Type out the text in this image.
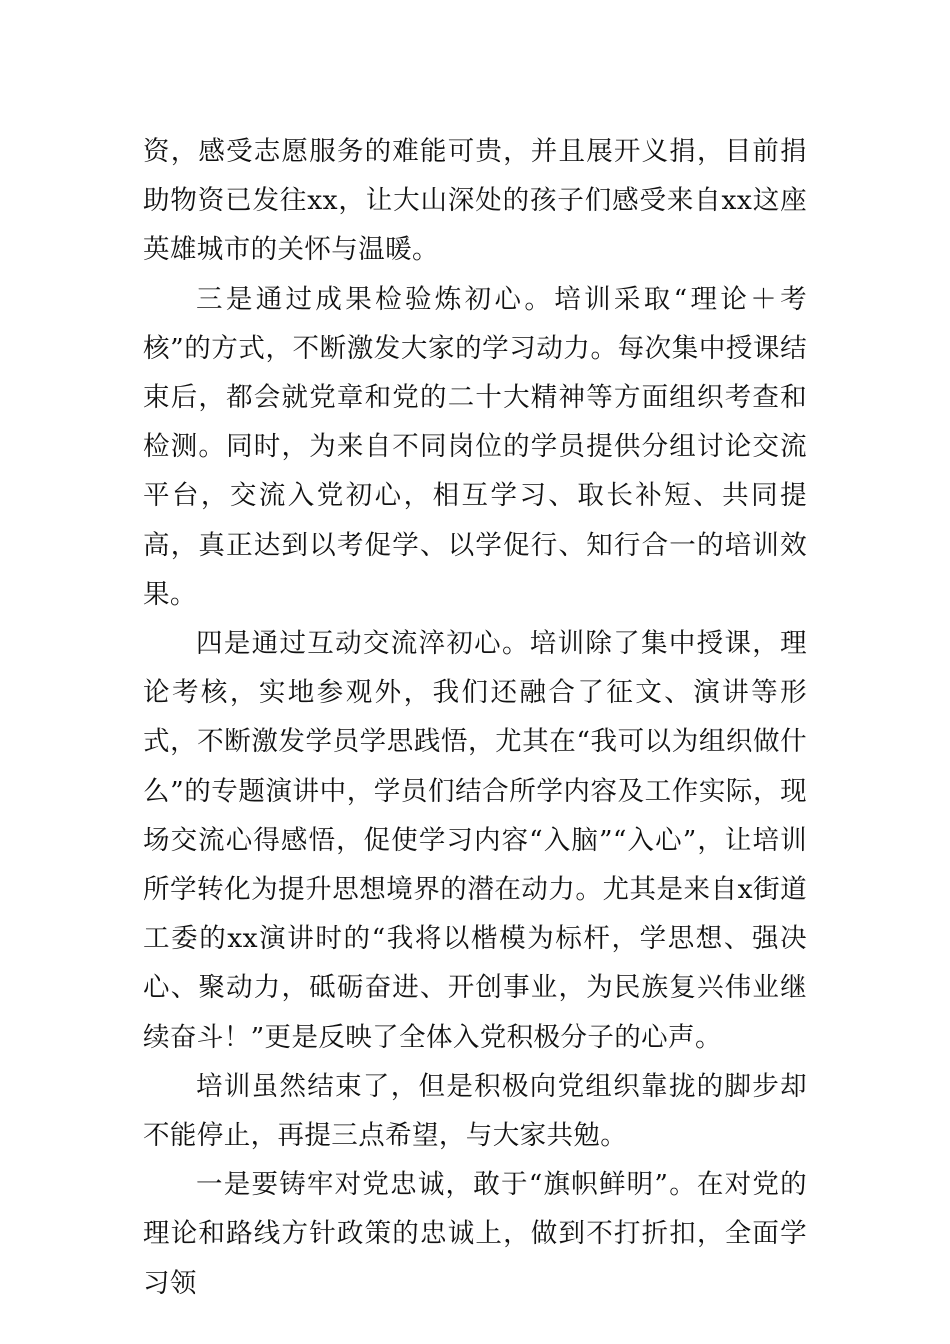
资，感受志愿服务的难能可贵，并且展开义捐，目前捐助物资已发往xx，让大山深处的孩子们感受来自xx这座英雄城市的关怀与温暖。

三是通过成果检验炼初心。培训采取“理论＋考核”的方式，不断激发大家的学习动力。每次集中授课结束后，都会就党章和党的二十大精神等方面组织考查和检测。同时，为来自不同岗位的学员提供分组讨论交流平台，交流入党初心，相互学习、取长补短、共同提高，真正达到以考促学、以学促行、知行合一的培训效果。

四是通过互动交流淬初心。培训除了集中授课，理论考核，实地参观外，我们还融合了征文、演讲等形式，不断激发学员学思践悟，尤其在“我可以为组织做什么”的专题演讲中，学员们结合所学内容及工作实际，现场交流心得感悟，促使学习内容“入脑”“入心”，让培训所学转化为提升思想境界的潜在动力。尤其是来自x街道工委的xx演讲时的“我将以楷模为标杆，学思想、强决心、聚动力，砥砺奋进、开创事业，为民族复兴伟业继续奋斗！”更是反映了全体入党积极分子的心声。

培训虽然结束了，但是积极向党组织靠拢的脚步却不能停止，再提三点希望，与大家共勉。

一是要铸牢对党忠诚，敢于“旗帜鲜明”。在对党的理论和路线方针政策的忠诚上，做到不打折扣，全面学习领
